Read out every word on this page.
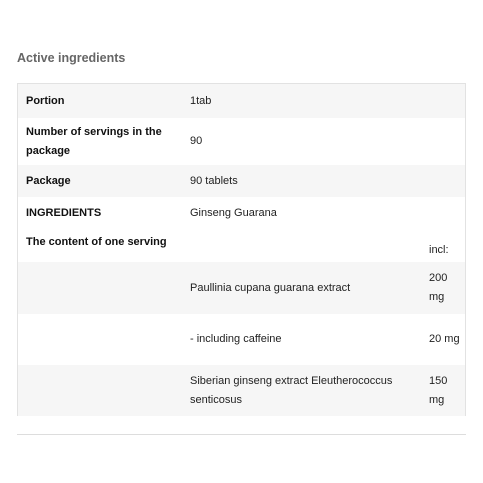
Active ingredients
Portion	1tab	
Number of servings in the package	90	
Package	90 tablets	
INGREDIENTS	Ginseng Guarana	
The content of one serving		incl:
	Paullinia cupana guarana extract	200 mg
	- including caffeine	20 mg
	Siberian ginseng extract Eleutherococcus senticosus	150 mg
